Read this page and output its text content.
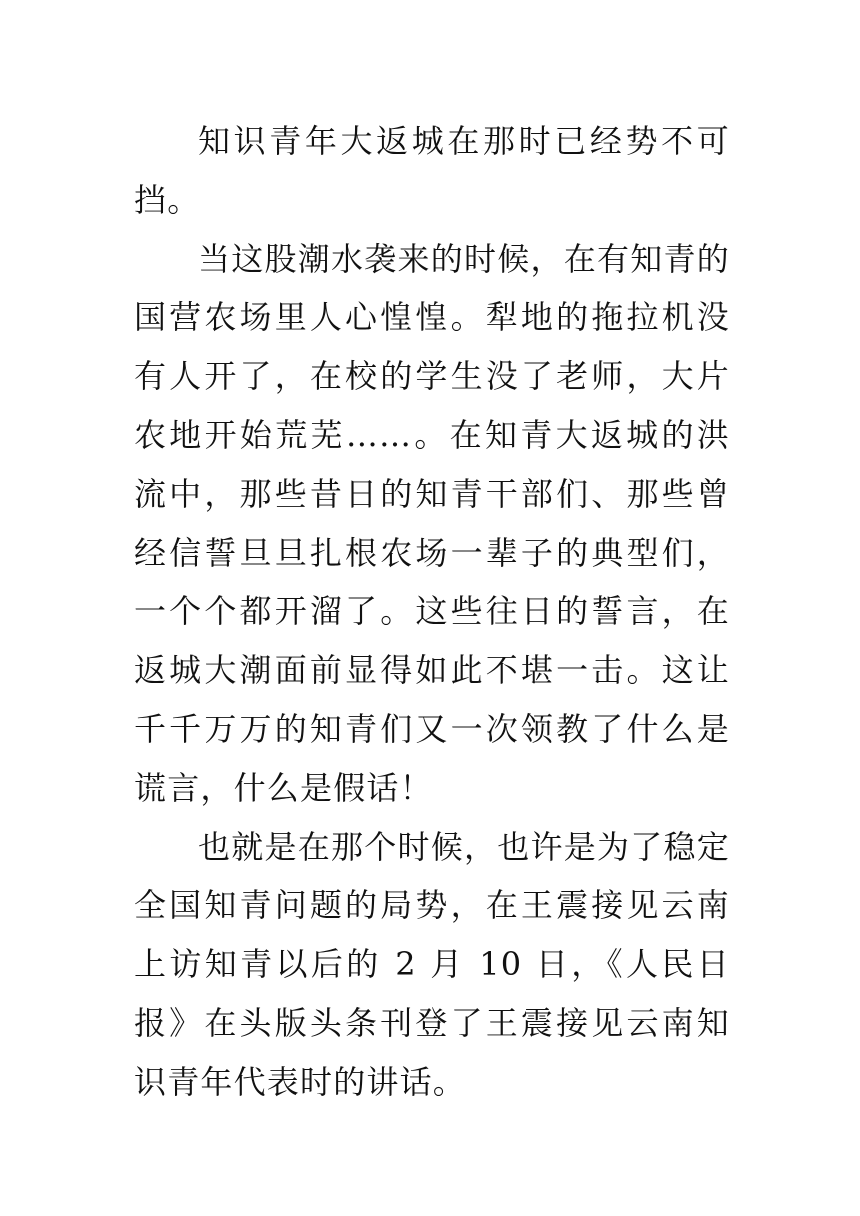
知识青年大返城在那时已经势不可挡。

当这股潮水袭来的时候，在有知青的国营农场里人心惶惶。犁地的拖拉机没有人开了，在校的学生没了老师，大片农地开始荒芜……。在知青大返城的洪流中，那些昔日的知青干部们、那些曾经信誓旦旦扎根农场一辈子的典型们，一个个都开溜了。这些往日的誓言，在返城大潮面前显得如此不堪一击。这让千千万万的知青们又一次领教了什么是谎言，什么是假话！

也就是在那个时候，也许是为了稳定全国知青问题的局势，在王震接见云南上访知青以后的 2 月 10 日，《人民日报》在头版头条刊登了王震接见云南知识青年代表时的讲话。
